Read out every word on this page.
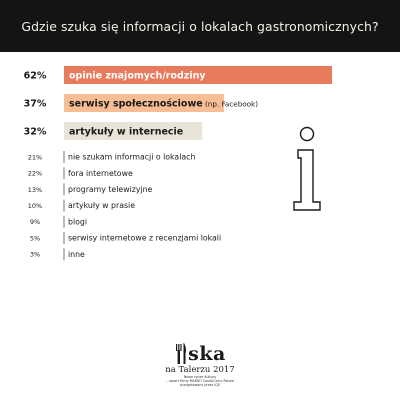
Gdzie szuka się informacji o lokalach gastronomicznych?
62% opinie znajomych/rodziny
37% serwisy społecznościowe (np. Facebook)
32% artykuły w internecie
21%	nie szukam informacji o lokalach
22%	fora internetowe
13%	programy telewizyjne
10%	artykuły w prasie
9%	blogi
5%	serwisy internetowe z recenzjami lokali
3%	inne
ska
na Talerzu 2017
Nowe rynek Kultury
– raport firmy MAKRO Cash&Carry Polska
przygotowany przez IQS
